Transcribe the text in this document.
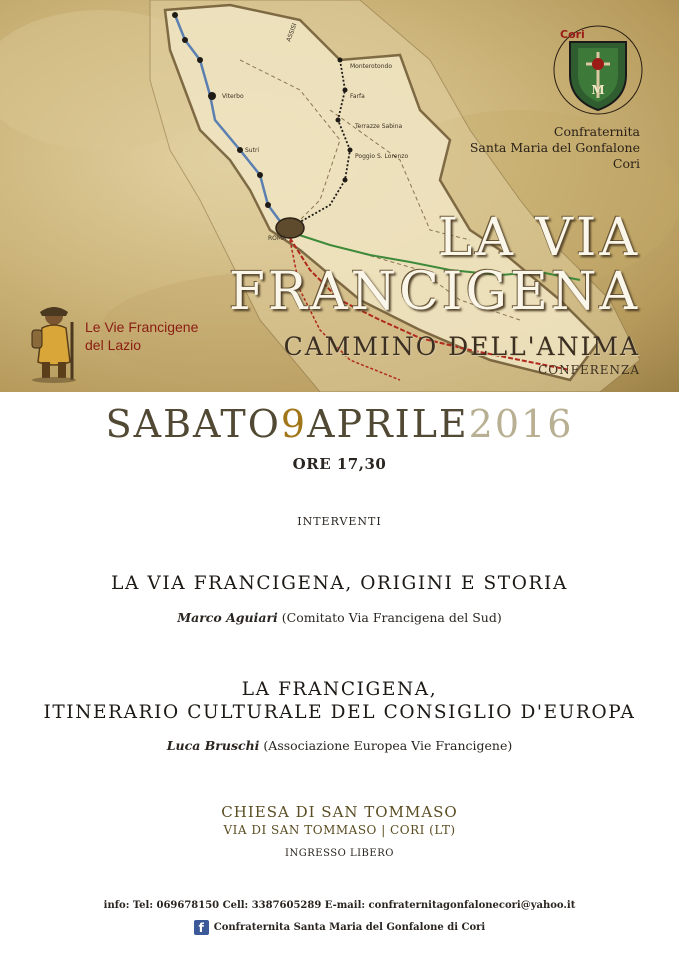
ASSISI
ROMA
Monterotondo
Farfa
Terrazze Sabina
Poggio S. Lorenzo
Viterbo
Sutri
M
Cori
Confraternita
Santa Maria del Gonfalone
Cori
Le Vie Francigene
del Lazio
LA VIA
FRANCIGENA
CAMMINO DELL'ANIMA
CONFERENZA
SABATO9APRILE2016
ORE 17,30
INTERVENTI
LA VIA FRANCIGENA, ORIGINI E STORIA
Marco Aguiari (Comitato Via Francigena del Sud)
LA FRANCIGENA,
ITINERARIO CULTURALE DEL CONSIGLIO D'EUROPA
Luca Bruschi (Associazione Europea Vie Francigene)
CHIESA DI SAN TOMMASO
VIA DI SAN TOMMASO | CORI (LT)
INGRESSO LIBERO
info: Tel: 069678150 Cell: 3387605289 E-mail: confraternitagonfalonecori@yahoo.it
f Confraternita Santa Maria del Gonfalone di Cori
